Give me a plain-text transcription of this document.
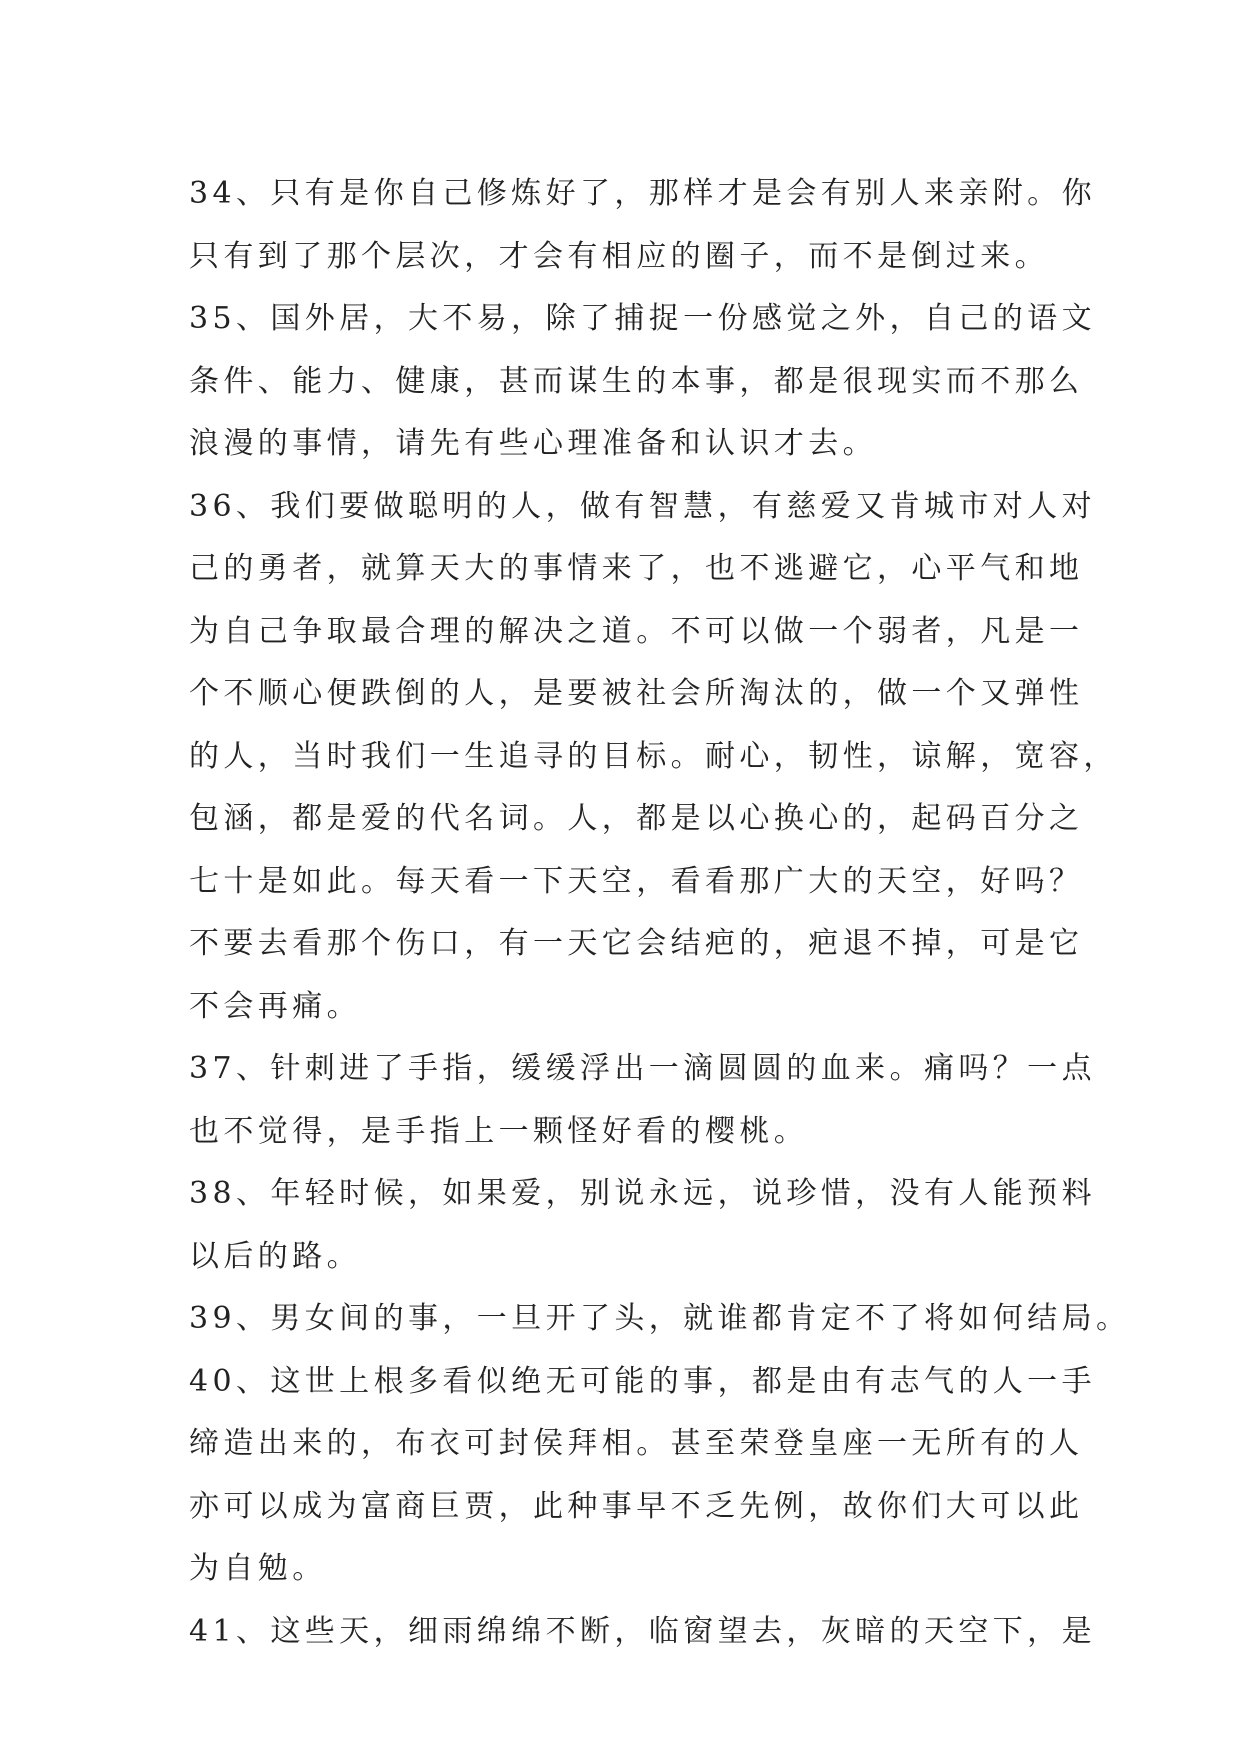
34、只有是你自己修炼好了，那样才是会有别人来亲附。你
只有到了那个层次，才会有相应的圈子，而不是倒过来。
35、国外居，大不易，除了捕捉一份感觉之外，自己的语文
条件、能力、健康，甚而谋生的本事，都是很现实而不那么
浪漫的事情，请先有些心理准备和认识才去。
36、我们要做聪明的人，做有智慧，有慈爱又肯城市对人对
己的勇者，就算天大的事情来了，也不逃避它，心平气和地
为自己争取最合理的解决之道。不可以做一个弱者，凡是一
个不顺心便跌倒的人，是要被社会所淘汰的，做一个又弹性
的人，当时我们一生追寻的目标。耐心，韧性，谅解，宽容，
包涵，都是爱的代名词。人，都是以心换心的，起码百分之
七十是如此。每天看一下天空，看看那广大的天空，好吗？
不要去看那个伤口，有一天它会结疤的，疤退不掉，可是它
不会再痛。
37、针刺进了手指，缓缓浮出一滴圆圆的血来。痛吗？一点
也不觉得，是手指上一颗怪好看的樱桃。
38、年轻时候，如果爱，别说永远，说珍惜，没有人能预料
以后的路。
39、男女间的事，一旦开了头，就谁都肯定不了将如何结局。
40、这世上根多看似绝无可能的事，都是由有志气的人一手
缔造出来的，布衣可封侯拜相。甚至荣登皇座一无所有的人
亦可以成为富商巨贾，此种事早不乏先例，故你们大可以此
为自勉。
41、这些天，细雨绵绵不断，临窗望去，灰暗的天空下，是
